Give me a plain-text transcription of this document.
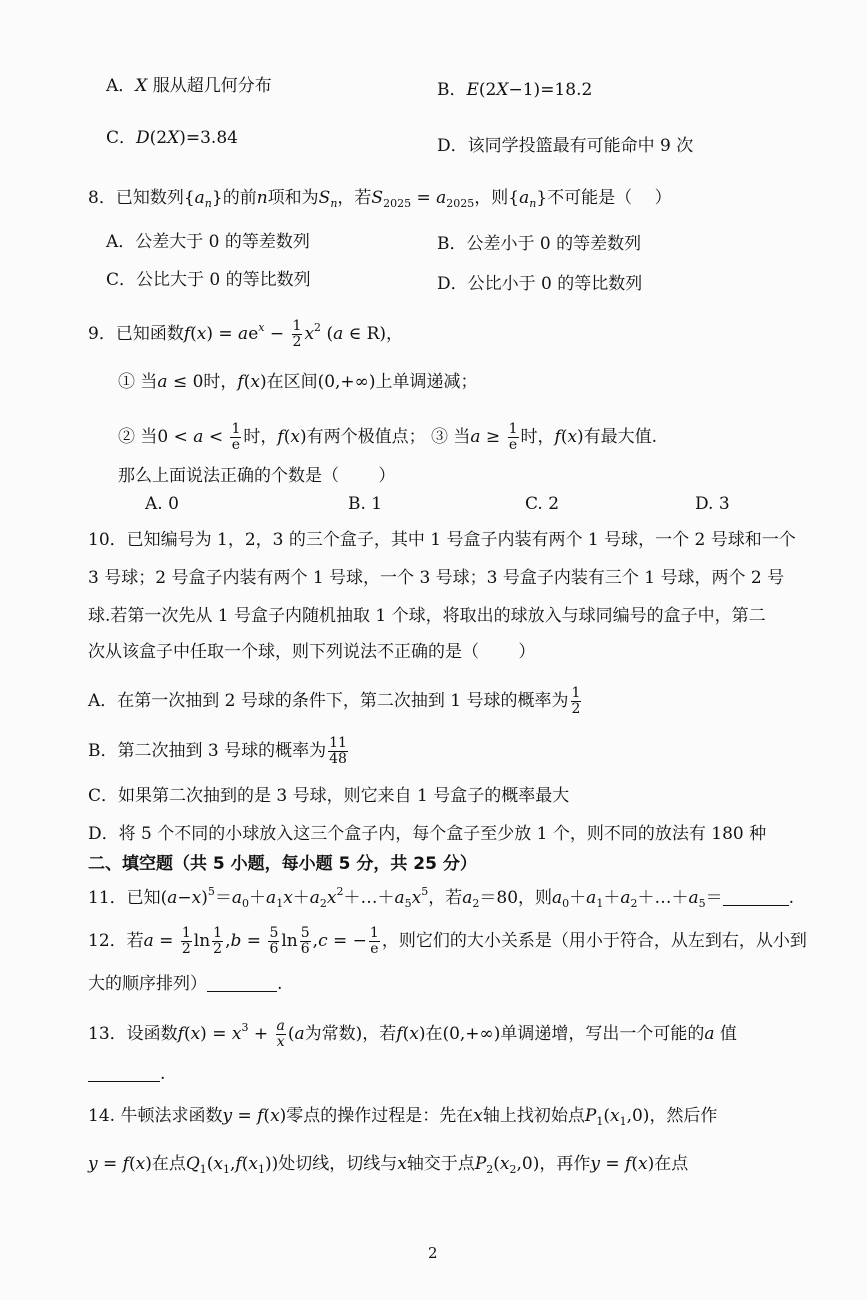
A．X 服从超几何分布	B．E(2X−1)=18.2
C．D(2X)=3.84	D．该同学投篮最有可能命中 9 次
8．已知数列$\{a_n\}$的前n项和为$S_n$，若$S_{2025} = a_{2025}$，则$\{a_n\}$不可能是（　 ）
A．公差大于 0 的等差数列	B．公差小于 0 的等差数列
C．公比大于 0 的等比数列	D．公比小于 0 的等比数列
9．已知函数$f(x) = ae^x - \frac{1}{2} x^2$ (a ∈ R)，
① 当a ≤ 0时，f(x)在区间(0,+∞)上单调递减；
② 当$0 < a < \frac{1}{e}$ 时，f(x)有两个极值点； ③ 当$a \ge \frac{1}{e}$ 时，f(x)有最大值.
那么上面说法正确的个数是（　　 ）
A. 0	B. 1	C. 2	D. 3
10．已知编号为 1，2，3 的三个盒子，其中 1 号盒子内装有两个 1 号球，一个 2 号球和一个
3 号球；2 号盒子内装有两个 1 号球，一个 3 号球；3 号盒子内装有三个 1 号球，两个 2 号
球.若第一次先从 1 号盒子内随机抽取 1 个球，将取出的球放入与球同编号的盒子中，第二
次从该盒子中任取一个球，则下列说法不正确的是（　　 ）
A．在第一次抽到 2 号球的条件下，第二次抽到 1 号球的概率为 $\frac{1}{2}$
B．第二次抽到 3 号球的概率为 $\frac{11}{48}$
C．如果第二次抽到的是 3 号球，则它来自 1 号盒子的概率最大
D．将 5 个不同的小球放入这三个盒子内，每个盒子至少放 1 个，则不同的放法有 180 种
二、填空题（共 5 小题，每小题 5 分，共 25 分）
11．已知$(a-x)^5=a_0+a_1x+a_2x^2+\dots+a_5x^5$，若$a_2=80$，则$a_0+a_1+a_2+\dots+a_5=$	.
12．若$a = \frac{1}{2}$ $\ln \frac{1}{2} ,b = \frac{5}{6}$ $\ln \frac{5}{6} ,c$ = − $\frac{1}{e}$ ，则它们的大小关系是（用小于符合，从左到右，从小到
大的顺序排列）	.
13．设函数$f(x) = x^3 + \frac{a}{x} (a$为常数)，若f(x)在(0,+∞)单调递增，写出一个可能的a 值
.
14. 牛顿法求函数y = f(x)零点的操作过程是：先在x轴上找初始点$P_1(x_1,0)$，然后作
y = f(x)在点$Q_1(x_1,f(x_1))$处切线，切线与x轴交于点$P_2(x_2,0)$，再作y = f(x)在点
2
